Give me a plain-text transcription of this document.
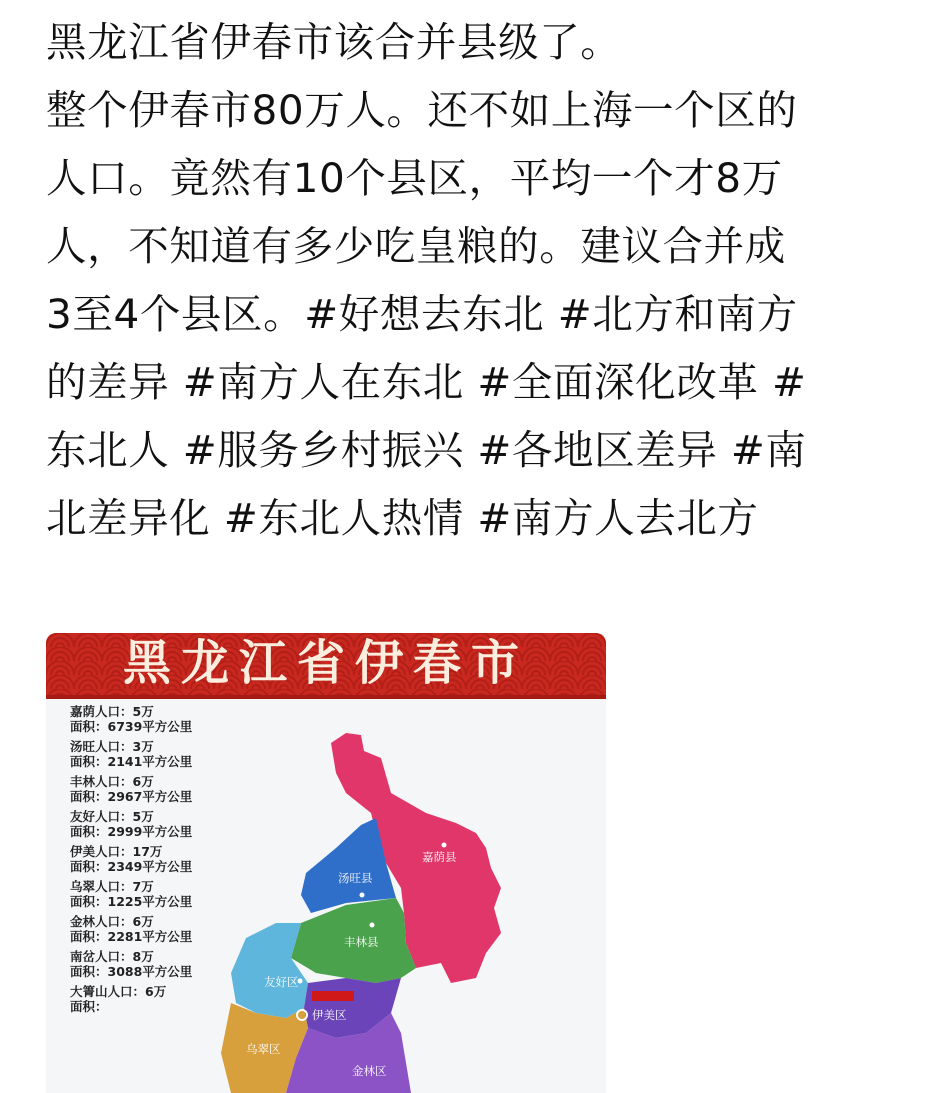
黑龙江省伊春市该合并县级了。
整个伊春市80万人。还不如上海一个区的
人口。竟然有10个县区，平均一个才8万
人，不知道有多少吃皇粮的。建议合并成
3至4个县区。#好想去东北 #北方和南方
的差异 #南方人在东北 #全面深化改革 #
东北人 #服务乡村振兴 #各地区差异 #南
北差异化 #东北人热情 #南方人去北方
黑龙江省伊春市
嘉荫县
汤旺县
丰林县
友好区
伊美区
乌翠区
金林区
嘉荫人口：5万
面积：6739平方公里
汤旺人口：3万
面积：2141平方公里
丰林人口：6万
面积：2967平方公里
友好人口：5万
面积：2999平方公里
伊美人口：17万
面积：2349平方公里
乌翠人口：7万
面积：1225平方公里
金林人口：6万
面积：2281平方公里
南岔人口：8万
面积：3088平方公里
大箐山人口：6万
面积：
